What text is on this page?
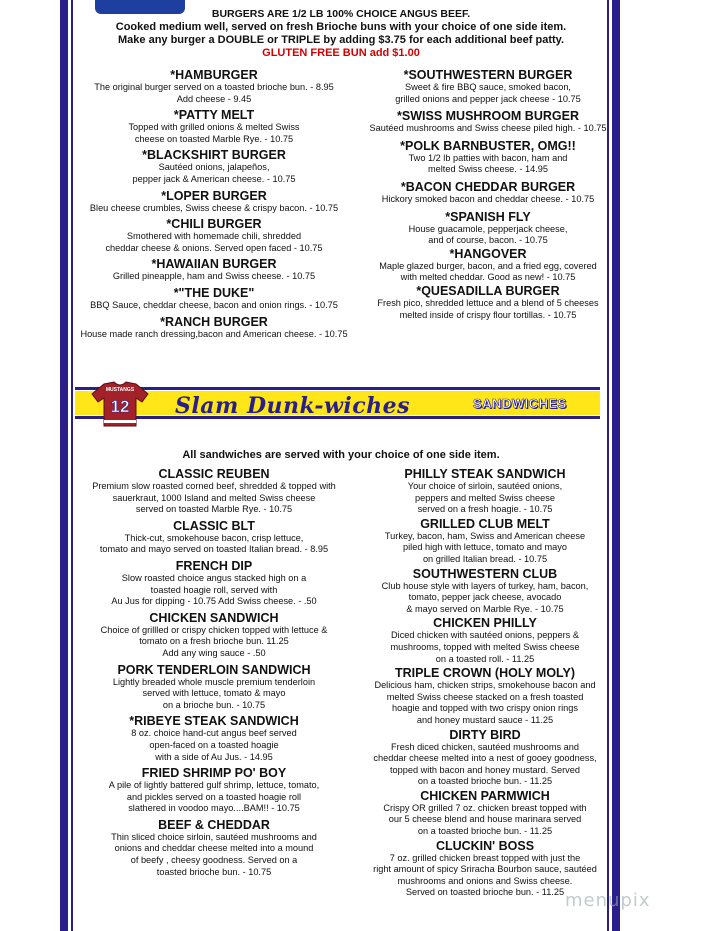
BURGERS ARE 1/2 LB 100% CHOICE ANGUS BEEF.
Cooked medium well, served on fresh Brioche buns with your choice of one side item.
Make any burger a DOUBLE or TRIPLE by adding $3.75 for each additional beef patty.
GLUTEN FREE BUN add $1.00
*HAMBURGER
The original burger served on a toasted brioche bun. - 8.95
Add cheese - 9.45
*PATTY MELT
Topped with grilled onions & melted Swiss
cheese on toasted Marble Rye. - 10.75
*BLACKSHIRT BURGER
Sautéed onions, jalapeños,
pepper jack & American cheese. - 10.75
*LOPER BURGER
Bleu cheese crumbles, Swiss cheese & crispy bacon. - 10.75
*CHILI BURGER
Smothered with homemade chili, shredded
cheddar cheese & onions. Served open faced - 10.75
*HAWAIIAN BURGER
Grilled pineapple, ham and Swiss cheese. - 10.75
*"THE DUKE"
BBQ Sauce, cheddar cheese, bacon and onion rings. - 10.75
*RANCH BURGER
House made ranch dressing,bacon and American cheese. - 10.75
*SOUTHWESTERN BURGER
Sweet & fire BBQ sauce, smoked bacon,
grilled onions and pepper jack cheese - 10.75
*SWISS MUSHROOM BURGER
Sautéed mushrooms and Swiss cheese piled high. - 10.75
*POLK BARNBUSTER, OMG!!
Two 1/2 lb patties with bacon, ham and
melted Swiss cheese. - 14.95
*BACON CHEDDAR BURGER
Hickory smoked bacon and cheddar cheese. - 10.75
*SPANISH FLY
House guacamole, pepperjack cheese,
and of course, bacon. - 10.75
*HANGOVER
Maple glazed burger, bacon, and a fried egg, covered
with melted cheddar. Good as new! - 10.75
*QUESADILLA BURGER
Fresh pico, shredded lettuce and a blend of 5 cheeses
melted inside of crispy flour tortillas. - 10.75
MUSTANGS
12 Slam Dunk-wiches	SANDWICHES
All sandwiches are served with your choice of one side item.
CLASSIC REUBEN
Premium slow roasted corned beef, shredded & topped with
sauerkraut, 1000 Island and melted Swiss cheese
served on toasted Marble Rye. - 10.75
CLASSIC BLT
Thick-cut, smokehouse bacon, crisp lettuce,
tomato and mayo served on toasted Italian bread. - 8.95
FRENCH DIP
Slow roasted choice angus stacked high on a
toasted hoagie roll, served with
Au Jus for dipping - 10.75 Add Swiss cheese. - .50
CHICKEN SANDWICH
Choice of grillled or crispy chicken topped with lettuce &
tomato on a fresh brioche bun. 11.25
Add any wing sauce - .50
PORK TENDERLOIN SANDWICH
Lightly breaded whole muscle premium tenderloin
served with lettuce, tomato & mayo
on a brioche bun. - 10.75
*RIBEYE STEAK SANDWICH
8 oz. choice hand-cut angus beef served
open-faced on a toasted hoagie
with a side of Au Jus. - 14.95
FRIED SHRIMP PO' BOY
A pile of lightly battered gulf shrimp, lettuce, tomato,
and pickles served on a toasted hoagie roll
slathered in voodoo mayo....BAM!! - 10.75
BEEF & CHEDDAR
Thin sliced choice sirloin, sautéed mushrooms and
onions and cheddar cheese melted into a mound
of beefy , cheesy goodness. Served on a
toasted brioche bun. - 10.75
PHILLY STEAK SANDWICH
Your choice of sirloin, sautéed onions,
peppers and melted Swiss cheese
served on a fresh hoagie. - 10.75
GRILLED CLUB MELT
Turkey, bacon, ham, Swiss and American cheese
piled high with lettuce, tomato and mayo
on grilled Italian bread. - 10.75
SOUTHWESTERN CLUB
Club house style with layers of turkey, ham, bacon,
tomato, pepper jack cheese, avocado
& mayo served on Marble Rye. - 10.75
CHICKEN PHILLY
Diced chicken with sautéed onions, peppers &
mushrooms, topped with melted Swiss cheese
on a toasted roll. - 11.25
TRIPLE CROWN (HOLY MOLY)
Delicious ham, chicken strips, smokehouse bacon and
melted Swiss cheese stacked on a fresh toasted
hoagie and topped with two crispy onion rings
and honey mustard sauce - 11.25
DIRTY BIRD
Fresh diced chicken, sautéed mushrooms and
cheddar cheese melted into a nest of gooey goodness,
topped with bacon and honey mustard. Served
on a toasted brioche bun. - 11.25
CHICKEN PARMWICH
Crispy OR grilled 7 oz. chicken breast topped with
our 5 cheese blend and house marinara served
on a toasted brioche bun. - 11.25
CLUCKIN' BOSS
7 oz. grilled chicken breast topped with just the
right amount of spicy Sriracha Bourbon sauce, sautéed
mushrooms and onions and Swiss cheese.
Served on toasted brioche bun. - 11.25 menupix
